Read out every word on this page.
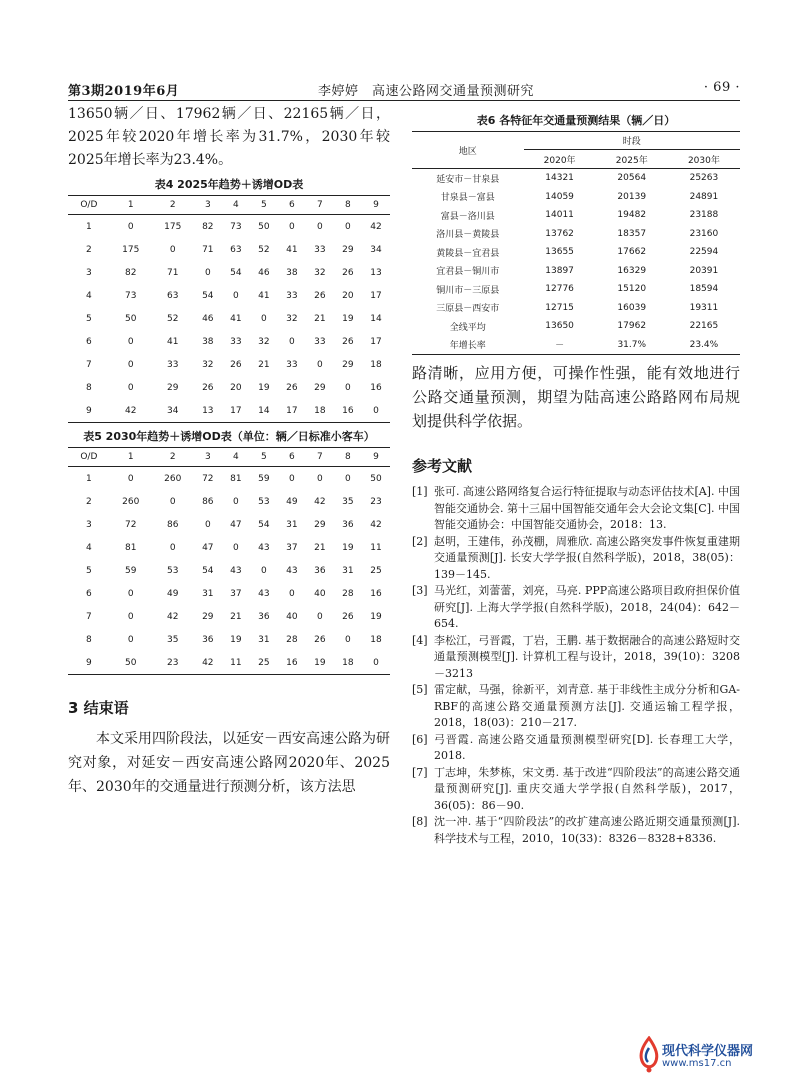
第3期2019年6月	李婷婷　高速公路网交通量预测研究	· 69 ·

13650辆／日、17962辆／日、22165辆／日，2025年较2020年增长率为31.7%，2030年较2025年增长率为23.4%。

表4 2025年趋势＋诱增OD表
O/D	1	2	3	4	5	6	7	8	9
1	0	175	82	73	50	0	0	0	42
2	175	0	71	63	52	41	33	29	34
3	82	71	0	54	46	38	32	26	13
4	73	63	54	0	41	33	26	20	17
5	50	52	46	41	0	32	21	19	14
6	0	41	38	33	32	0	33	26	17
7	0	33	32	26	21	33	0	29	18
8	0	29	26	20	19	26	29	0	16
9	42	34	13	17	14	17	18	16	0
表5 2030年趋势＋诱增OD表（单位：辆／日标准小客车）
O/D	1	2	3	4	5	6	7	8	9
1	0	260	72	81	59	0	0	0	50
2	260	0	86	0	53	49	42	35	23
3	72	86	0	47	54	31	29	36	42
4	81	0	47	0	43	37	21	19	11
5	59	53	54	43	0	43	36	31	25
6	0	49	31	37	43	0	40	28	16
7	0	42	29	21	36	40	0	26	19
8	0	35	36	19	31	28	26	0	18
9	50	23	42	11	25	16	19	18	0

3 结束语

本文采用四阶段法，以延安－西安高速公路为研究对象，对延安－西安高速公路网2020年、2025年、2030年的交通量进行预测分析，该方法思

表6 各特征年交通量预测结果（辆／日）
地区	时段		
	2020年	2025年	2030年
延安市－甘泉县	14321	20564	25263
甘泉县－富县	14059	20139	24891
富县－洛川县	14011	19482	23188
洛川县－黄陵县	13762	18357	23160
黄陵县－宜君县	13655	17662	22594
宜君县－铜川市	13897	16329	20391
铜川市－三原县	12776	15120	18594
三原县－西安市	12715	16039	19311
全线平均	13650	17962	22165
年增长率	－	31.7%	23.4%

路清晰，应用方便，可操作性强，能有效地进行公路交通量预测，期望为陆高速公路路网布局规划提供科学依据。

参考文献

[1] 张可. 高速公路网络复合运行特征提取与动态评估技术[A]. 中国智能交通协会. 第十三届中国智能交通年会大会论文集[C]. 中国智能交通协会：中国智能交通协会，2018：13.
[2] 赵明，王建伟，孙茂棚，周雅欣. 高速公路突发事件恢复重建期交通量预测[J]. 长安大学学报(自然科学版)，2018，38(05)：139－145.
[3] 马光红，刘蕾蕾，刘亮，马亮. PPP高速公路项目政府担保价值研究[J]. 上海大学学报(自然科学版)，2018，24(04)：642－654.
[4] 李松江，弓晋霞，丁岩，王鹏. 基于数据融合的高速公路短时交通量预测模型[J]. 计算机工程与设计，2018，39(10)：3208－3213
[5] 雷定献，马强，徐新平，刘青意. 基于非线性主成分分析和GA-RBF的高速公路交通量预测方法[J]. 交通运输工程学报，2018，18(03)：210－217.
[6] 弓晋霞. 高速公路交通量预测模型研究[D]. 长春理工大学，2018.
[7] 丁志坤，朱梦栋，宋文勇. 基于改进“四阶段法”的高速公路交通量预测研究[J]. 重庆交通大学学报(自然科学版)，2017，36(05)：86－90.
[8] 沈一冲. 基于“四阶段法”的改扩建高速公路近期交通量预测[J]. 科学技术与工程，2010，10(33)：8326－8328+8336.
现代科学仪器网
www.ms17.cn
